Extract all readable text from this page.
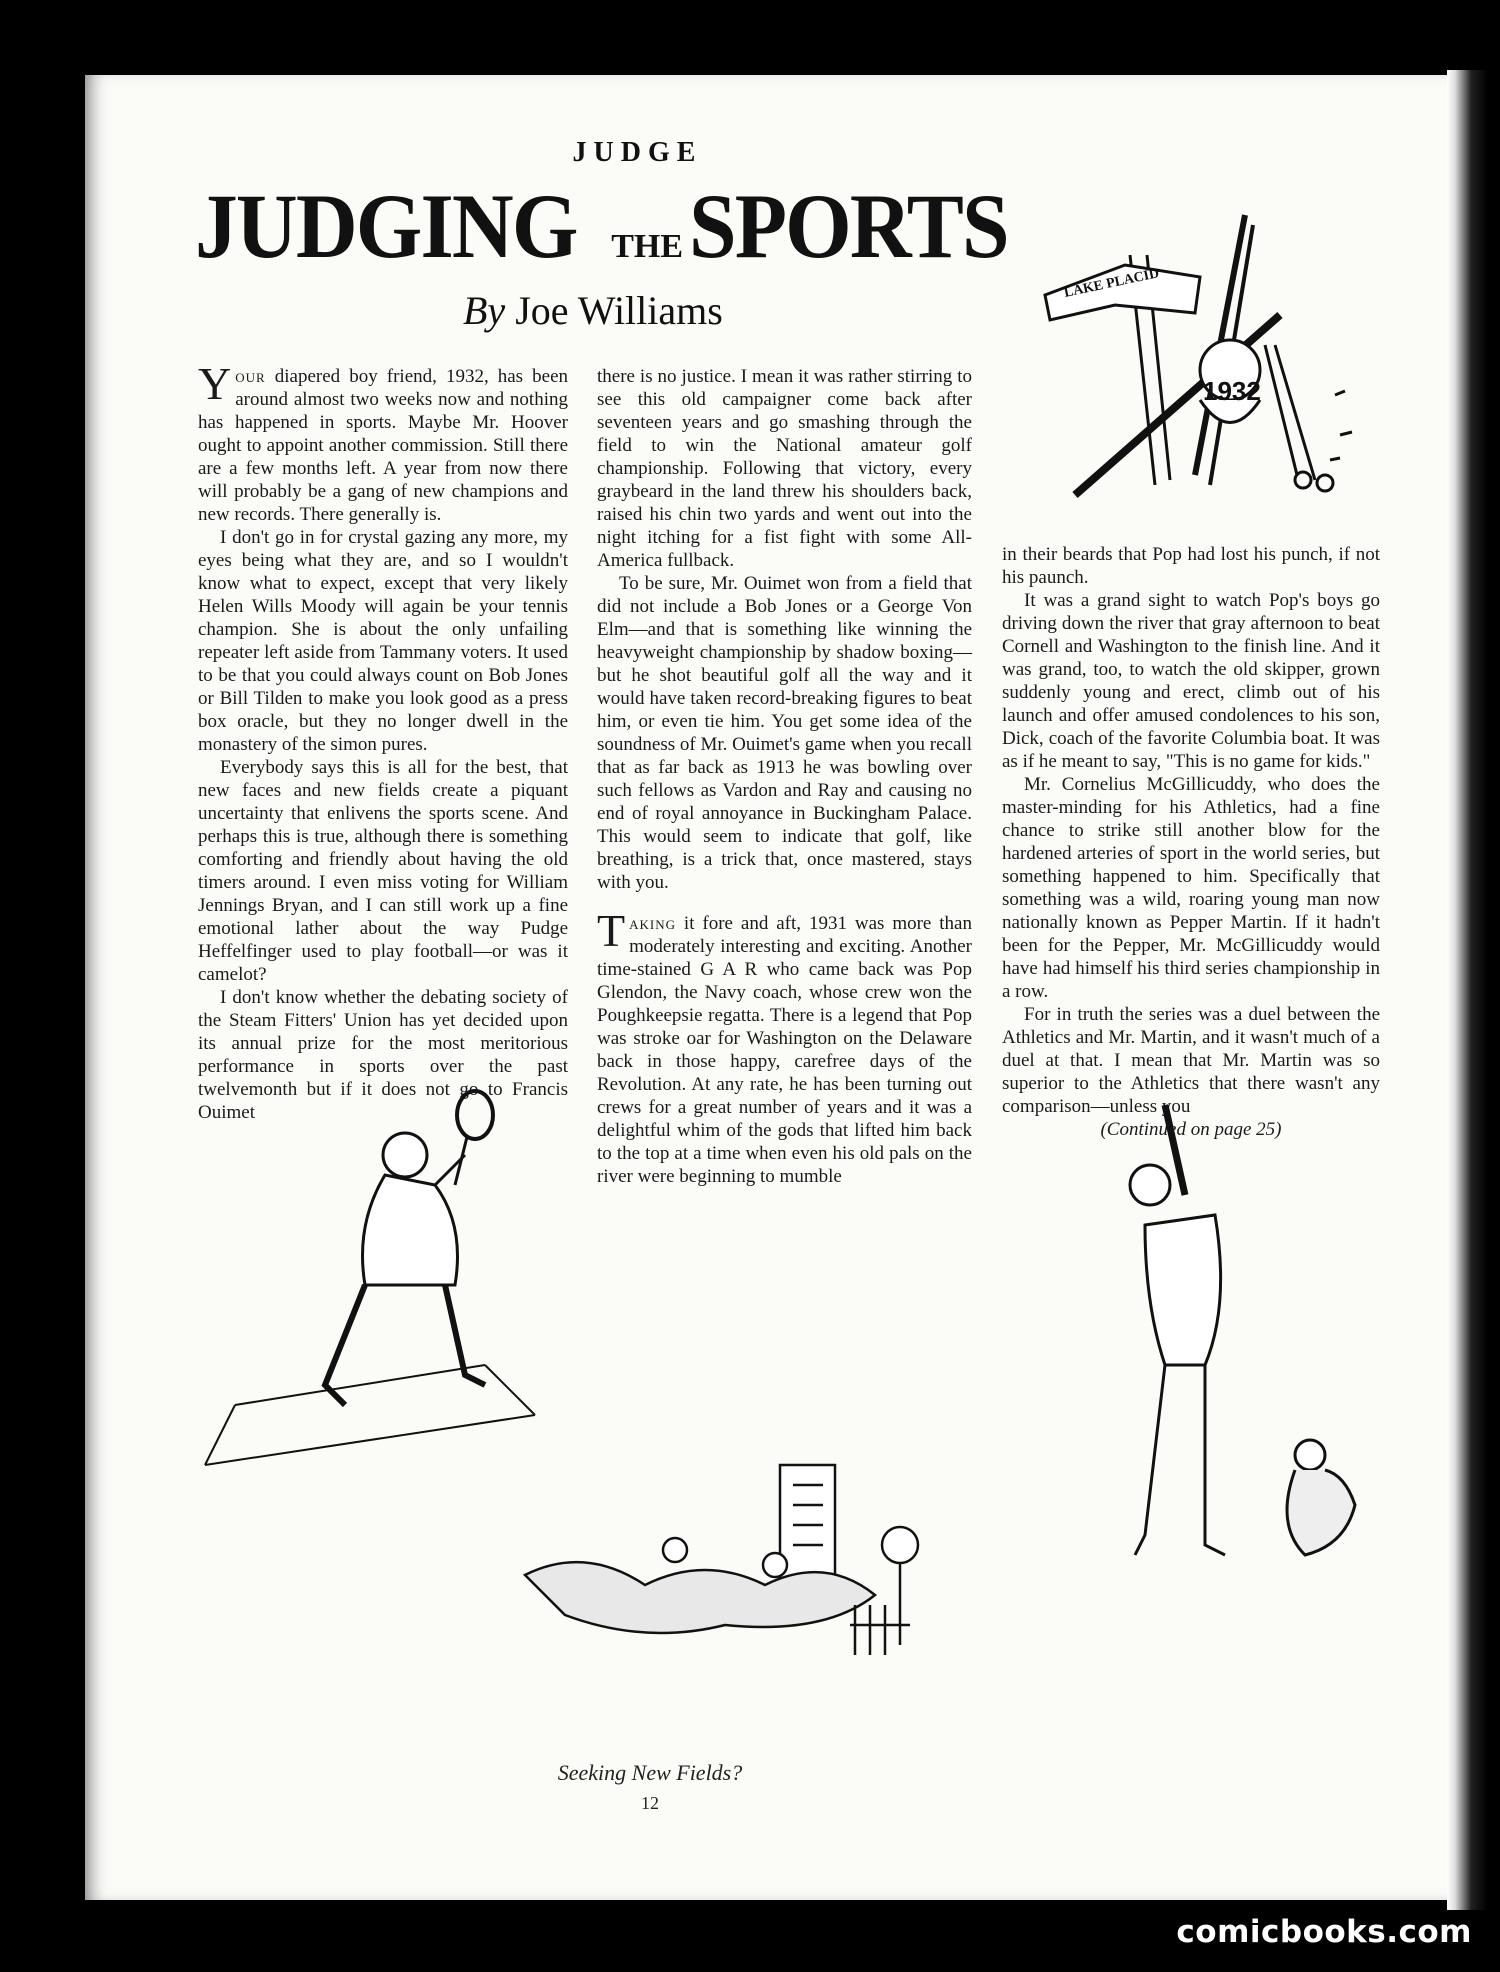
JUDGE
JUDGING THESPORTS
By Joe Williams

Your diapered boy friend, 1932, has been around almost two weeks now and nothing has happened in sports. Maybe Mr. Hoover ought to appoint another commission. Still there are a few months left. A year from now there will probably be a gang of new champions and new records. There generally is.

I don't go in for crystal gazing any more, my eyes being what they are, and so I wouldn't know what to expect, except that very likely Helen Wills Moody will again be your tennis champion. She is about the only unfailing repeater left aside from Tammany voters. It used to be that you could always count on Bob Jones or Bill Tilden to make you look good as a press box oracle, but they no longer dwell in the monastery of the simon pures.

Everybody says this is all for the best, that new faces and new fields create a piquant uncertainty that enlivens the sports scene. And perhaps this is true, although there is something comforting and friendly about having the old timers around. I even miss voting for William Jennings Bryan, and I can still work up a fine emotional lather about the way Pudge Heffelfinger used to play football—or was it camelot?

I don't know whether the debating society of the Steam Fitters' Union has yet decided upon its annual prize for the most meritorious performance in sports over the past twelvemonth but if it does not go to Francis Ouimet

there is no justice. I mean it was rather stirring to see this old campaigner come back after seventeen years and go smashing through the field to win the National amateur golf championship. Following that victory, every graybeard in the land threw his shoulders back, raised his chin two yards and went out into the night itching for a fist fight with some All-America fullback.

To be sure, Mr. Ouimet won from a field that did not include a Bob Jones or a George Von Elm—and that is something like winning the heavyweight championship by shadow boxing—but he shot beautiful golf all the way and it would have taken record-breaking figures to beat him, or even tie him. You get some idea of the soundness of Mr. Ouimet's game when you recall that as far back as 1913 he was bowling over such fellows as Vardon and Ray and causing no end of royal annoyance in Buckingham Palace. This would seem to indicate that golf, like breathing, is a trick that, once mastered, stays with you.

Taking it fore and aft, 1931 was more than moderately interesting and exciting. Another time-stained G A R who came back was Pop Glendon, the Navy coach, whose crew won the Poughkeepsie regatta. There is a legend that Pop was stroke oar for Washington on the Delaware back in those happy, carefree days of the Revolution. At any rate, he has been turning out crews for a great number of years and it was a delightful whim of the gods that lifted him back to the top at a time when even his old pals on the river were beginning to mumble

in their beards that Pop had lost his punch, if not his paunch.

It was a grand sight to watch Pop's boys go driving down the river that gray afternoon to beat Cornell and Washington to the finish line. And it was grand, too, to watch the old skipper, grown suddenly young and erect, climb out of his launch and offer amused condolences to his son, Dick, coach of the favorite Columbia boat. It was as if he meant to say, "This is no game for kids."

Mr. Cornelius McGillicuddy, who does the master-minding for his Athletics, had a fine chance to strike still another blow for the hardened arteries of sport in the world series, but something happened to him. Specifically that something was a wild, roaring young man now nationally known as Pepper Martin. If it hadn't been for the Pepper, Mr. McGillicuddy would have had himself his third series championship in a row.

For in truth the series was a duel between the Athletics and Mr. Martin, and it wasn't much of a duel at that. I mean that Mr. Martin was so superior to the Athletics that there wasn't any comparison—unless you

(Continued on page 25)

LAKE PLACID
1932
Seeking New Fields?
12
comicbooks.com
